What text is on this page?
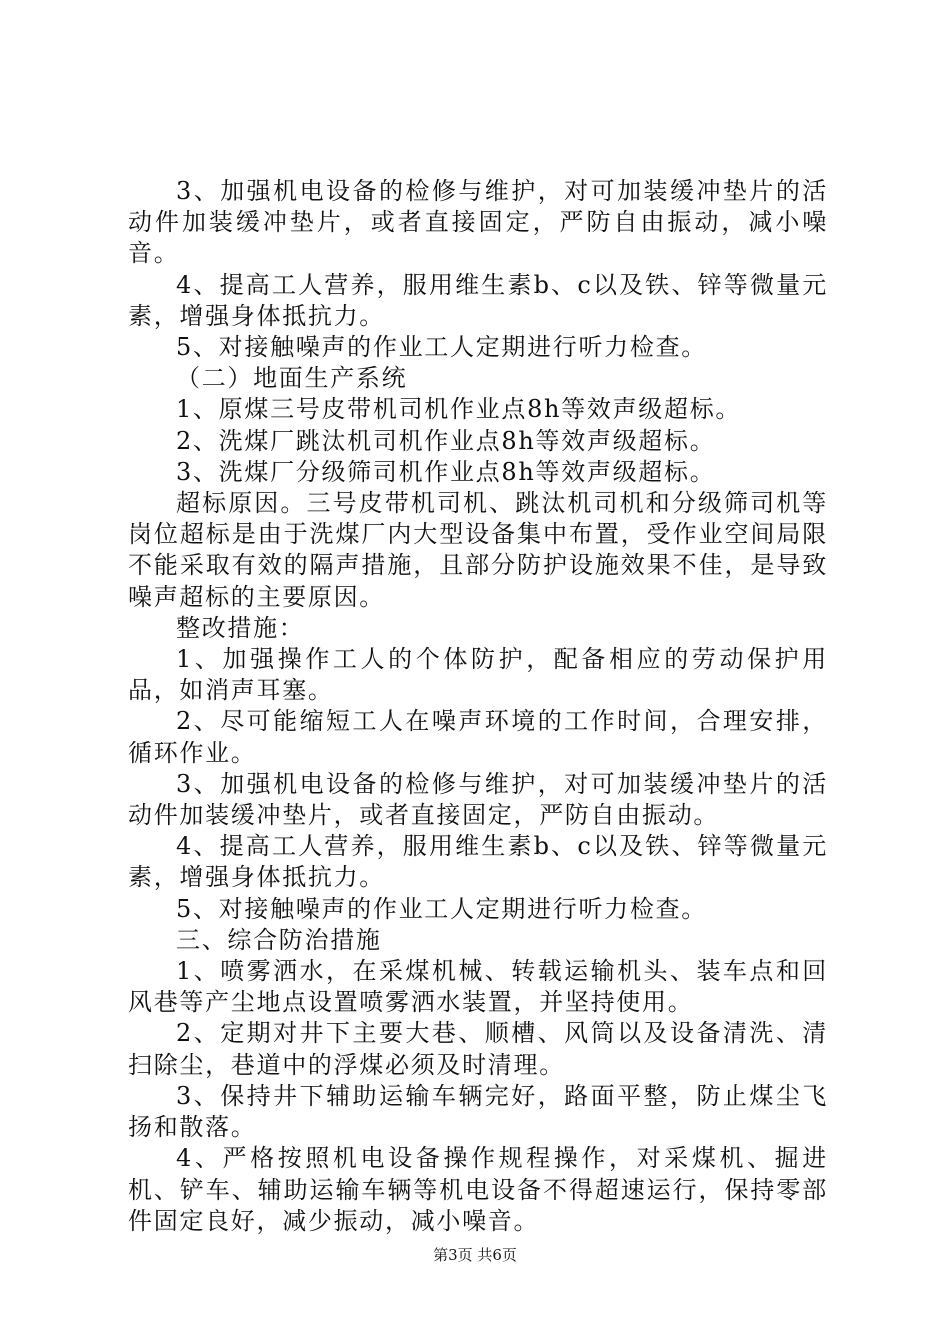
3、加强机电设备的检修与维护，对可加装缓冲垫片的活动件加装缓冲垫片，或者直接固定，严防自由振动，减小噪音。

4、提高工人营养，服用维生素b、c以及铁、锌等微量元素，增强身体抵抗力。

5、对接触噪声的作业工人定期进行听力检查。

（二）地面生产系统

1、原煤三号皮带机司机作业点8h等效声级超标。

2、洗煤厂跳汰机司机作业点8h等效声级超标。

3、洗煤厂分级筛司机作业点8h等效声级超标。

超标原因。三号皮带机司机、跳汰机司机和分级筛司机等岗位超标是由于洗煤厂内大型设备集中布置，受作业空间局限不能采取有效的隔声措施，且部分防护设施效果不佳，是导致噪声超标的主要原因。

整改措施：

1、加强操作工人的个体防护，配备相应的劳动保护用品，如消声耳塞。

2、尽可能缩短工人在噪声环境的工作时间，合理安排，循环作业。

3、加强机电设备的检修与维护，对可加装缓冲垫片的活动件加装缓冲垫片，或者直接固定，严防自由振动。

4、提高工人营养，服用维生素b、c以及铁、锌等微量元素，增强身体抵抗力。

5、对接触噪声的作业工人定期进行听力检查。

三、综合防治措施

1、喷雾洒水，在采煤机械、转载运输机头、装车点和回风巷等产尘地点设置喷雾洒水装置，并坚持使用。

2、定期对井下主要大巷、顺槽、风筒以及设备清洗、清扫除尘，巷道中的浮煤必须及时清理。

3、保持井下辅助运输车辆完好，路面平整，防止煤尘飞扬和散落。

4、严格按照机电设备操作规程操作，对采煤机、掘进机、铲车、辅助运输车辆等机电设备不得超速运行，保持零部件固定良好，减少振动，减小噪音。

第3页 共6页
